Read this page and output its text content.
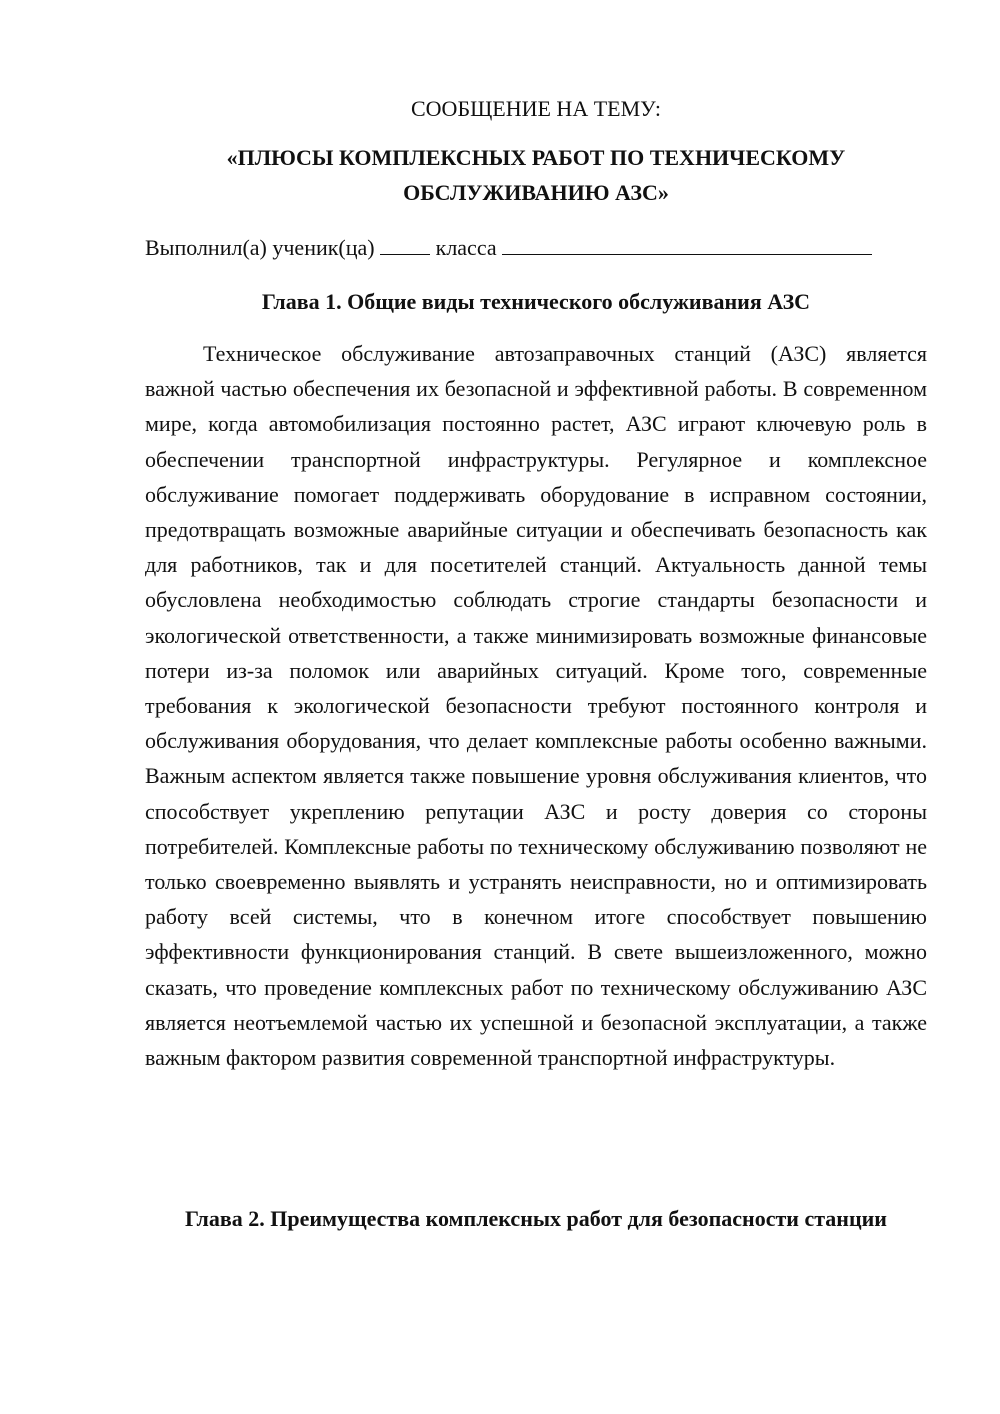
СООБЩЕНИЕ НА ТЕМУ:
«ПЛЮСЫ КОМПЛЕКСНЫХ РАБОТ ПО ТЕХНИЧЕСКОМУ
ОБСЛУЖИВАНИЮ АЗС»
Выполнил(а) ученик(ца)	класса
Глава 1. Общие виды технического обслуживания АЗС

Техническое обслуживание автозаправочных станций (АЗС) является важной частью обеспечения их безопасной и эффективной работы. В современном мире, когда автомобилизация постоянно растет, АЗС играют ключевую роль в обеспечении транспортной инфраструктуры. Регулярное и комплексное обслуживание помогает поддерживать оборудование в исправном состоянии, предотвращать возможные аварийные ситуации и обеспечивать безопасность как для работников, так и для посетителей станций. Актуальность данной темы обусловлена необходимостью соблюдать строгие стандарты безопасности и экологической ответственности, а также минимизировать возможные финансовые потери из-за поломок или аварийных ситуаций. Кроме того, современные требования к экологической безопасности требуют постоянного контроля и обслуживания оборудования, что делает комплексные работы особенно важными. Важным аспектом является также повышение уровня обслуживания клиентов, что способствует укреплению репутации АЗС и росту доверия со стороны потребителей. Комплексные работы по техническому обслуживанию позволяют не только своевременно выявлять и устранять неисправности, но и оптимизировать работу всей системы, что в конечном итоге способствует повышению эффективности функционирования станций. В свете вышеизложенного, можно сказать, что проведение комплексных работ по техническому обслуживанию АЗС является неотъемлемой частью их успешной и безопасной эксплуатации, а также важным фактором развития современной транспортной инфраструктуры.

Глава 2. Преимущества комплексных работ для безопасности станции
